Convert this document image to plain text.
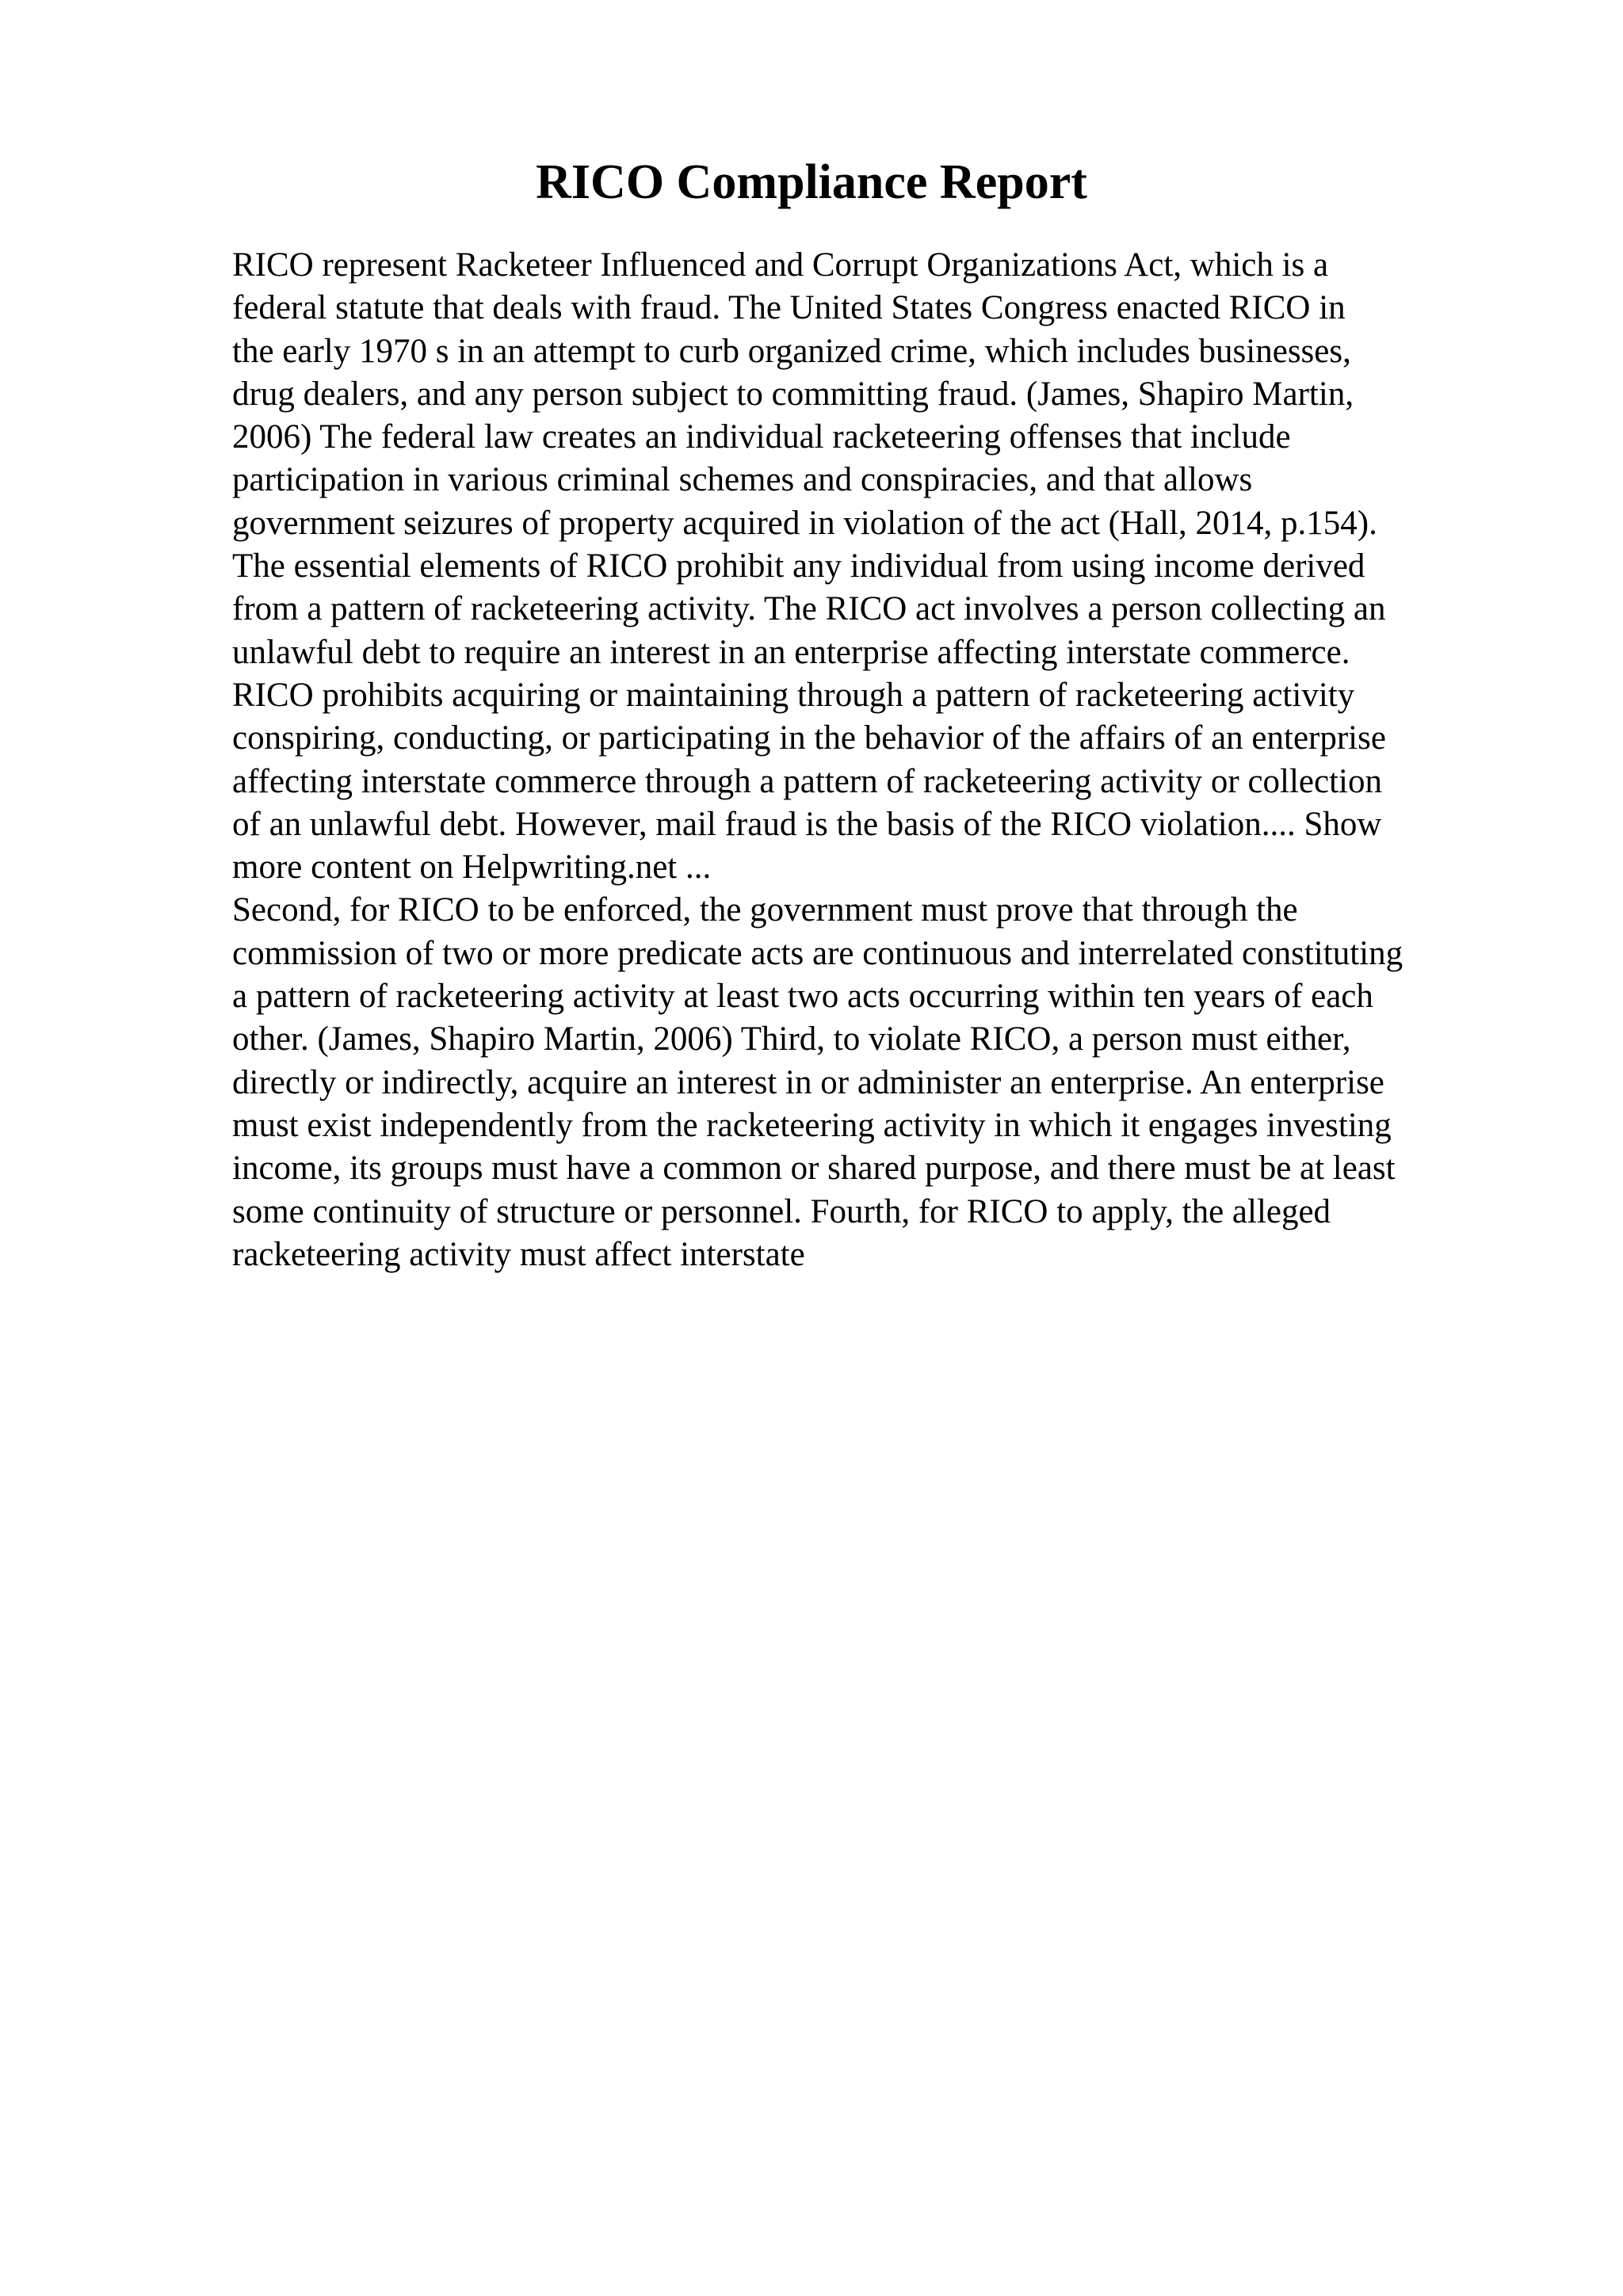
RICO Compliance Report
RICO represent Racketeer Influenced and Corrupt Organizations Act, which is a
federal statute that deals with fraud. The United States Congress enacted RICO in
the early 1970 s in an attempt to curb organized crime, which includes businesses,
drug dealers, and any person subject to committing fraud. (James, Shapiro Martin,
2006) The federal law creates an individual racketeering offenses that include
participation in various criminal schemes and conspiracies, and that allows
government seizures of property acquired in violation of the act (Hall, 2014, p.154).
The essential elements of RICO prohibit any individual from using income derived
from a pattern of racketeering activity. The RICO act involves a person collecting an
unlawful debt to require an interest in an enterprise affecting interstate commerce.
RICO prohibits acquiring or maintaining through a pattern of racketeering activity
conspiring, conducting, or participating in the behavior of the affairs of an enterprise
affecting interstate commerce through a pattern of racketeering activity or collection
of an unlawful debt. However, mail fraud is the basis of the RICO violation.... Show
more content on Helpwriting.net ...
Second, for RICO to be enforced, the government must prove that through the
commission of two or more predicate acts are continuous and interrelated constituting
a pattern of racketeering activity at least two acts occurring within ten years of each
other. (James, Shapiro Martin, 2006) Third, to violate RICO, a person must either,
directly or indirectly, acquire an interest in or administer an enterprise. An enterprise
must exist independently from the racketeering activity in which it engages investing
income, its groups must have a common or shared purpose, and there must be at least
some continuity of structure or personnel. Fourth, for RICO to apply, the alleged
racketeering activity must affect interstate
